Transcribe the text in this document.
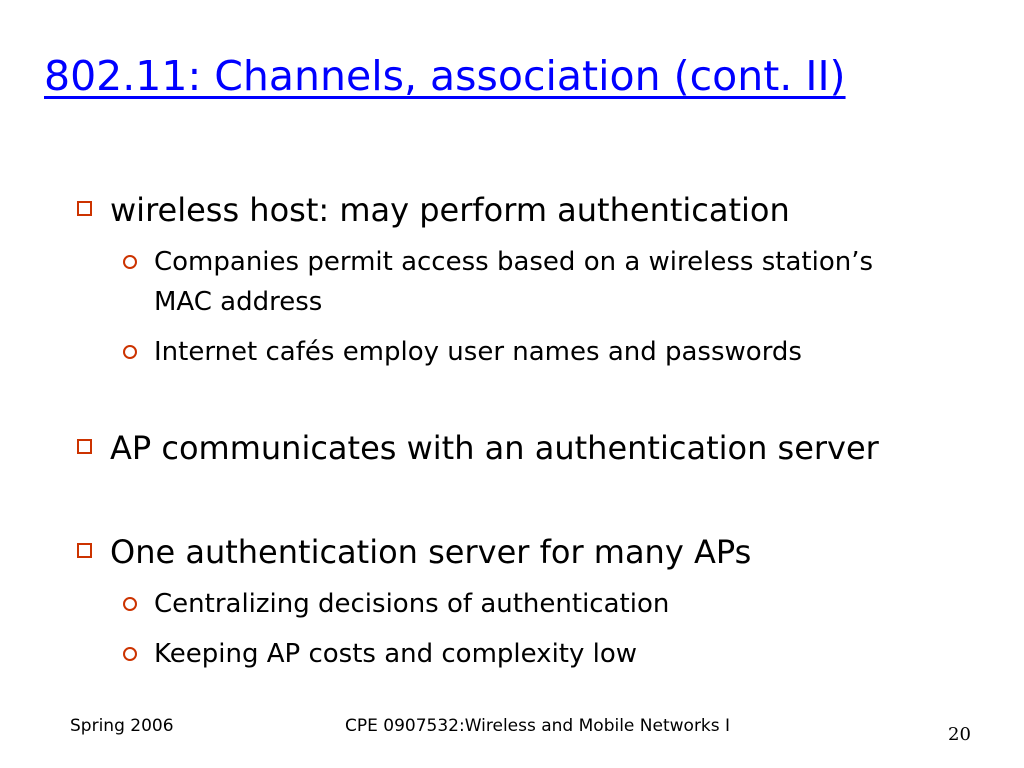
802.11: Channels, association (cont. II)
wireless host: may perform authentication
Companies permit access based on a wireless station’s MAC address
Internet cafés employ user names and passwords
AP communicates with an authentication server
One authentication server for many APs
Centralizing decisions of authentication
Keeping AP costs and complexity low
Spring 2006	CPE 0907532:Wireless and Mobile Networks I	20
